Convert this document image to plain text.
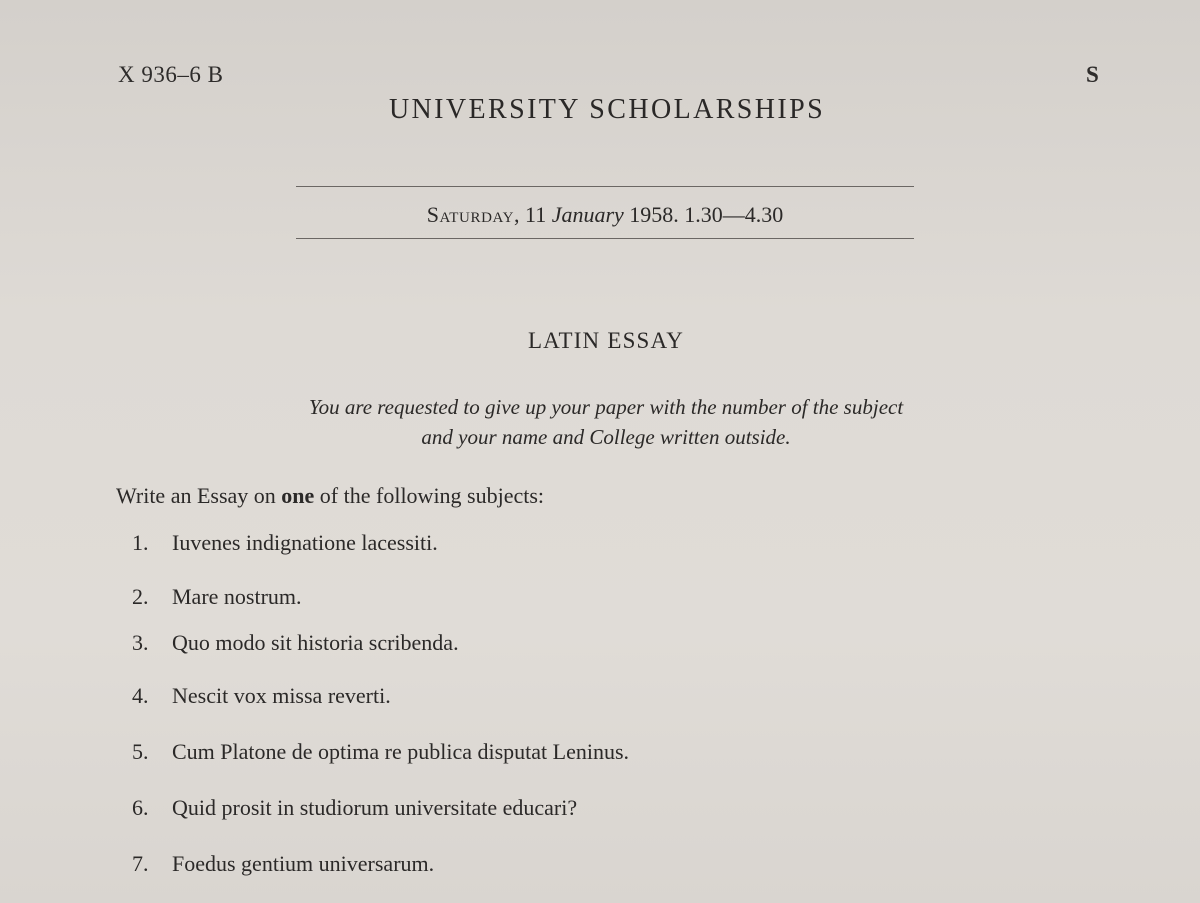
X 936–6 B	S
UNIVERSITY SCHOLARSHIPS
Saturday, 11 January 1958. 1.30—4.30
LATIN ESSAY
You are requested to give up your paper with the number of the subject
and your name and College written outside.
Write an Essay on one of the following subjects:
1.	Iuvenes indignatione lacessiti.
2.	Mare nostrum.
3.	Quo modo sit historia scribenda.
4.	Nescit vox missa reverti.
5.	Cum Platone de optima re publica disputat Leninus.
6.	Quid prosit in studiorum universitate educari?
7.	Foedus gentium universarum.
